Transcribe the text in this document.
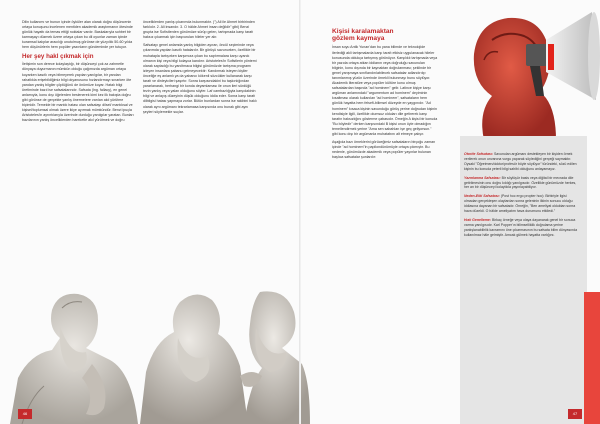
Dilin kullanımı ve bunun içinde öyküler alan olarak doğru düşüncenin ortaya konuşunu incelenen mentiden akademik araştırmanın ötesinde günlük hayattı da temas ettiği noktalar vardır. Baskalarıyla sohbet bir karmaşayı düzmek üzere ortaya çıkan bu dil oyunlar zaman içinde kuramsal kalıplar aracılığı unutulmuş görünse de yüzyıllık 50-60 yılda hem düşünürlerin hem popüler yazınların gündeminde yer tutuyor.

Her şey hakl çıkmak için

İletişimin son derece kolaylaştığı, bir düşünceyi çok az zahmetle dünyaya duyurmanın mümkün olduğu çağımızda argüman ortaya koyarken kasıtlı veya bilmeyerek yapılan yanılgılar, bir yandan rahatlıkla erişebildiğimiz bilgi okyanusunu hızlandırmayı sınarken öte yandan yanlış bilgiler çöplüğünü de önümüze koyar. Hatalı bilgi üretiminde bazıl ise safsatalarındır. Safsata (Ing. fallacy), en genel anlamıyla, konu dışı öğelerden beslenerek kimi kez ilk bakışta doğru gibi görünse de gerçekte yanlış önermelere varılan akıl yürütme biçimidir. Temelde bir mantık hatası olan safsatayı dilsel/ mantıksal ve kişisel/toplumsal olmak üzere ikiye ayırmak mümkündür. Benzi ipuçla Aristoteles'in ayrıntılarıyla üzerinde durduğu yanılgılar yaratan. Bunları bazılarının yanlış önceliklerden hareketle akıl yürütmek ve doğru

önceliklerden yanlış çıkarımda bulunmaktır. (") Ali ile Ahmet birbirinden farklıdır. 2. Ali insandır. 3. O hâlde Ahmet insan değildir" gibi) Benzi grupta ise Sofistlerden günümüze sürüp gelen, tartışmada karşı tarafı haksız çıkarmak için başvurulan hileler yer alır.

Safsatayı genel anlamda yanlış bilgiden ayıran, öncül seçiminde veya çıkarımda yapılan kasıtlı hatalardır. Bir görüşü savunurken, özellikle bir muhatapla tartışırken karşımıza çıkan bu saptırmalara karşı uyanık olmanın kişi veya bilgi kolayca kandırır. Aristoteles'in Sofistlerin yöntemi olarak saptadığı bu yanıltmaca bilgisi günümüzde tartışma programı izleyen insanlara şabanu gelmeyecektir: Kandırmak isteyen kişiler önceliğe eş anlamlı ya da yabancı kökenli sözcükler kullanarak karşı tarafı ve dinleyicileri şaşırtır. Sonra karşısındakini bu taşkınlığından yararlanarak, herhangi bir konda deyamlaması ile onun ileri sürdüğü tezin yanlış veya yalan olduğunu söyler. Laf cambazlığıyla karşıdakinin bilgi ve anlayış düzeyinin düşük olduğunu iddia eder. Sonra karşı tarafı dilbilgisi hatası yapmaya zorlar. Bütün bunlardan sonra ise rakibini haklı olarak aynı argümanı tekrarlamasa karşısında onu bunak gibi aynı şeyleri söylemekle suçlar.

46
Kişisi karalamaktan
gözlem kaymaya

İnsan soyu Antik Yunan'dan bu yana bilimde ve teknolojide ilerlediği akli tartışmalarda karşı tarafı etkisiz uygulanacak hileler konusunda oldukça tartışmış görünüyor. Karşılıklı tartışmada veya bir yazıda ortaya atılan iddianın veya doğruluğu savunulan bilginin, konu dışında bir kaynaktan doğrulanması; şeklinde bir genel yarışmaya sınıflandırılabilecek safsatalar adlandırılıp tanımlanmış yüzün üzerinde örnekli bulunmayı bunu söylüyor. Akademik literatüre veya popüler kültüre konu olmuş safsatalardan başında "ad hominem" gelir. Latince kişiye karşı argüman anlamındaki "argumentum ad hominem" deyiminin kısaltması olarak kullanılan "ad hominem", safsataların hem günlük hayatta hem felsefi-bilimsel düzeyde en yaygınıdır. "Ad hominem" kısaca kişinin savunduğu görüş yerine doğrudan kişinin kendisiyle ilgili, özellikle olumsuz olduları dile getirerek karşı tarafın haksızlığını gösterme çabasıdır. Örneğin A kişisi bir konuda "Bu böyledir" derken karşısındaki B kişisi onun öyle olmadığını temellendirmek yerine "Ama sen sabahları işe geç geliyorsun." gibi konu dışı bir argümanla muhatabını alt etmeye çalışır.

Aşağıda bazı örneklerini görüceğimiz safsataların birçoğu zaman içinde "ad hominem"in papilondünümüyle ortaya çıkmıştır. Bu nedenle, günümüzde akademik veya popüler yayınlar bulunan başlıca safsatalar şunlardır:

Otorite Safsatası: Savunulan argümanı destekleyen bir kişiden örnek verilerek onun unvanına vurgu yaparak söylediğini gerçeği saymaktır. Oysaki "Öğretmen/doktor/profesör böyle söylüyor" türündeki, sözü edilen kişinin bu konuda yeterli bilgi sahibi olduğunu anlayamayız.

Yazmlanma Safsatası: Bir söylüşür basis veya diğital bir mecrada dile getirilmesinin onu doğru kıldığı yanılgısıdır. Özellikle günümüzde herkes, her an bir düşünceyi kolaylıkla yayınlayabiliyor.

Neden-Etki Safsatası: (Post hoc ergo propter hoc): Birbiriyle ilgisi olmadan gerçekleşen olaylardan sonra geleninin ilkinin sonucu olduğu iddiasına dayanan bir safsatadır. Örneğin, "Ben ameliyat olduktan sonra hava düzeldi. O hâlde ameliyatım hava durumunu etkiledi."

Hızlı Genelleme: Birkaç örneğe veya olaya dayanarak genel bir sonuca varma yanılgısıdır. Karl Popper'ın bilimselliklik doğrulama yerine yanlışlanabilirlik kavramını öne çıkarmasının bu safsata bilim dünyasında kullanılmaz hâle gelmiştir. Amcak gülmek hayatta varlığını.

47
